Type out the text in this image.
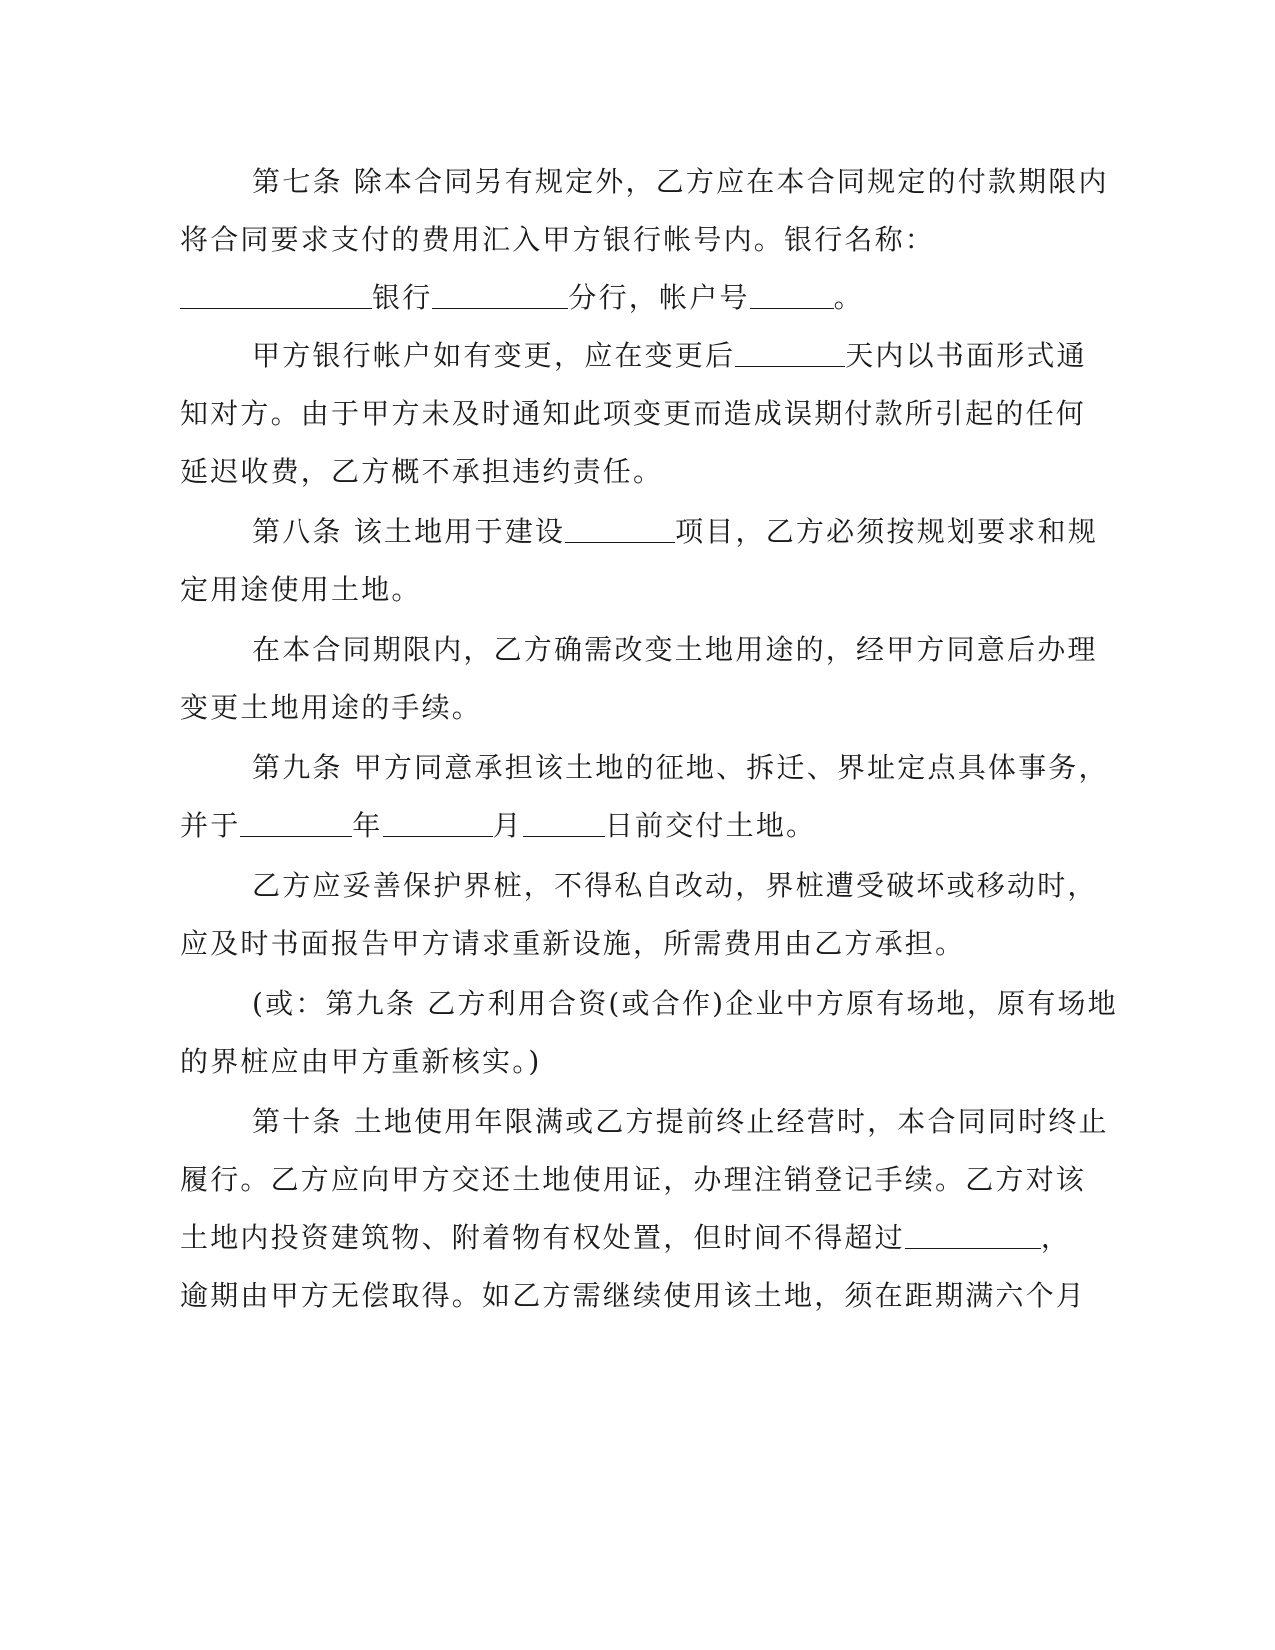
第七条 除本合同另有规定外，乙方应在本合同规定的付款期限内
将合同要求支付的费用汇入甲方银行帐号内。银行名称：
银行	分行，帐户号	。
甲方银行帐户如有变更，应在变更后	天内以书面形式通
知对方。由于甲方未及时通知此项变更而造成误期付款所引起的任何
延迟收费，乙方概不承担违约责任。
第八条 该土地用于建设	项目，乙方必须按规划要求和规
定用途使用土地。
在本合同期限内，乙方确需改变土地用途的，经甲方同意后办理
变更土地用途的手续。
第九条 甲方同意承担该土地的征地、拆迁、界址定点具体事务，
并于	年	月	日前交付土地。
乙方应妥善保护界桩，不得私自改动，界桩遭受破坏或移动时，
应及时书面报告甲方请求重新设施，所需费用由乙方承担。
(或：第九条 乙方利用合资(或合作)企业中方原有场地，原有场地
的界桩应由甲方重新核实。)
第十条 土地使用年限满或乙方提前终止经营时，本合同同时终止
履行。乙方应向甲方交还土地使用证，办理注销登记手续。乙方对该
土地内投资建筑物、附着物有权处置，但时间不得超过	，
逾期由甲方无偿取得。如乙方需继续使用该土地，须在距期满六个月
